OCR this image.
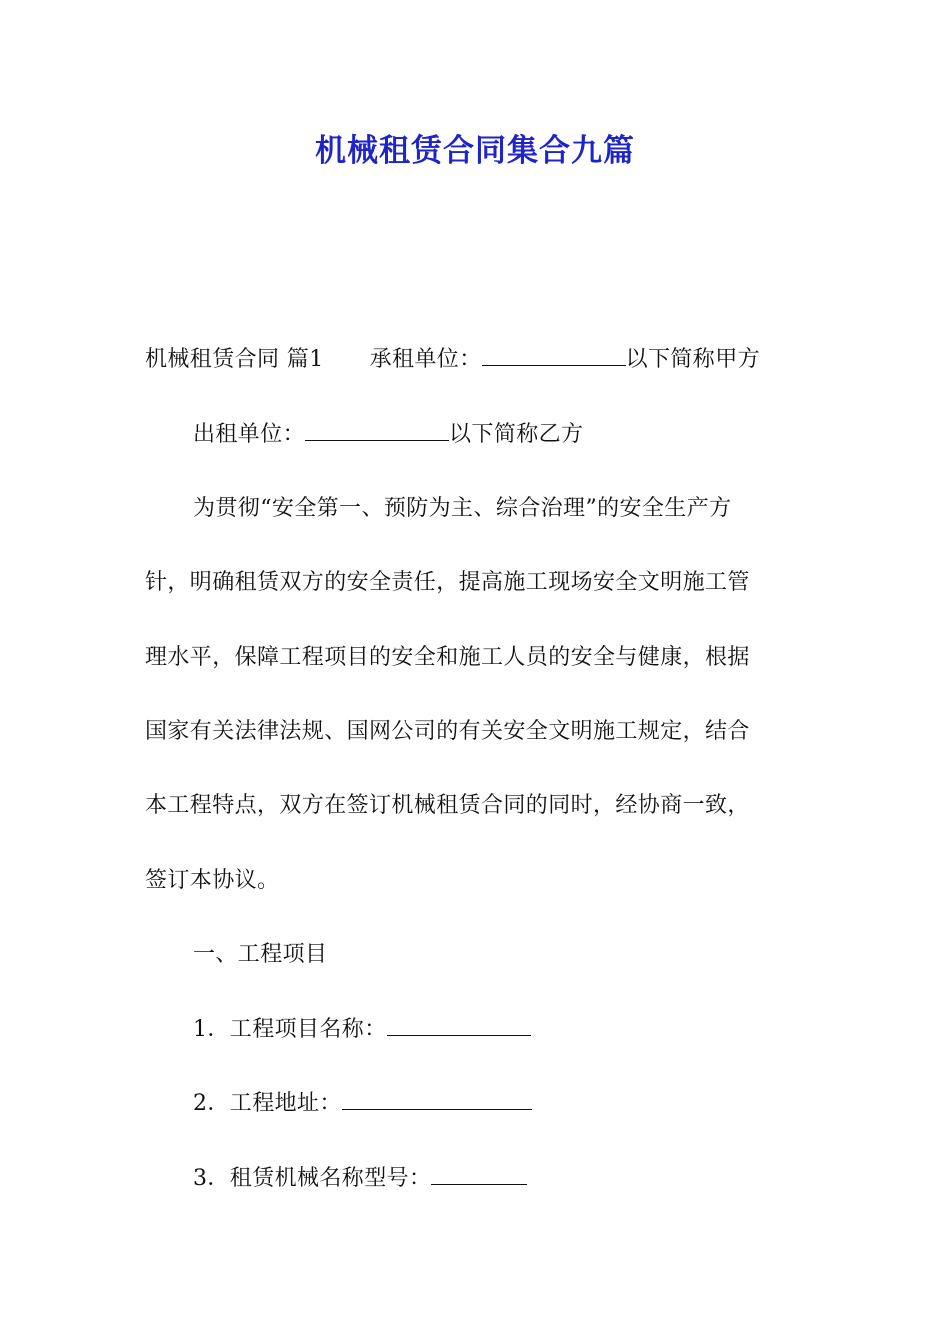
机械租赁合同集合九篇
机械租赁合同 篇1 承租单位：	以下简称甲方
出租单位：	以下简称乙方
为贯彻“安全第一、预防为主、综合治理”的安全生产方
针，明确租赁双方的安全责任，提高施工现场安全文明施工管
理水平，保障工程项目的安全和施工人员的安全与健康，根据
国家有关法律法规、国网公司的有关安全文明施工规定，结合
本工程特点，双方在签订机械租赁合同的同时，经协商一致，
签订本协议。
一、工程项目
1．工程项目名称：
2．工程地址：
3．租赁机械名称型号：
